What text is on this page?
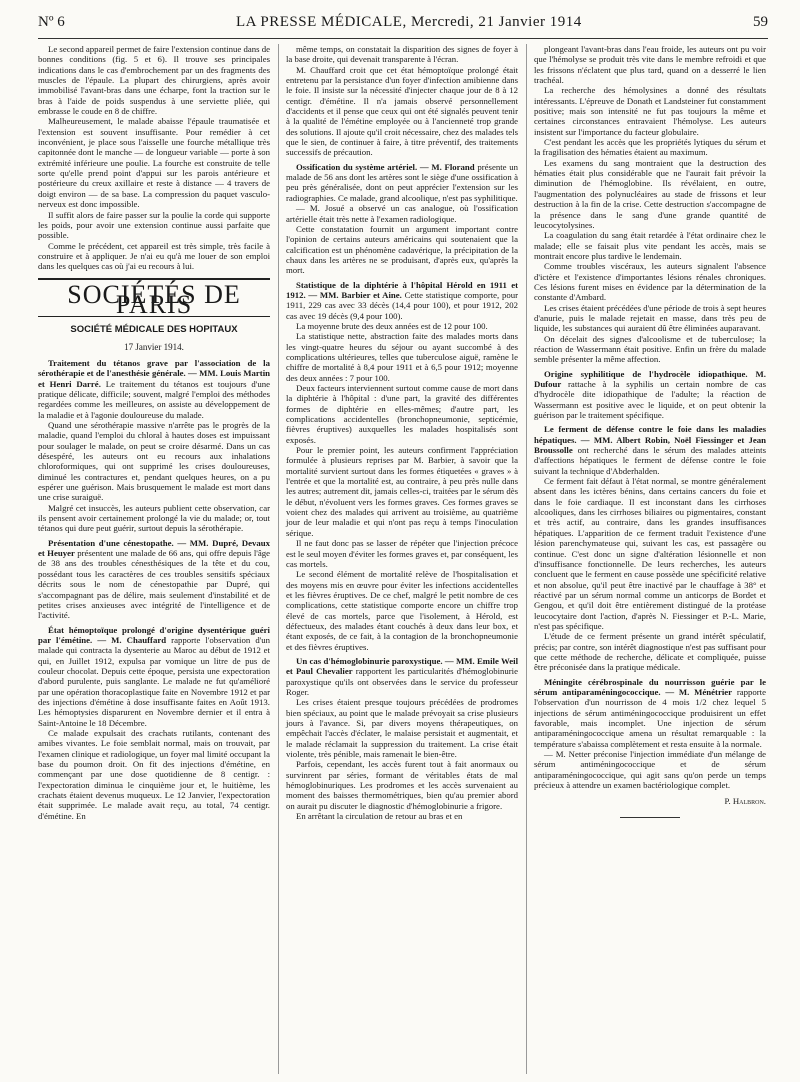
Nº 6	LA PRESSE MÉDICALE, Mercredi, 21 Janvier 1914	59

Le second appareil permet de faire l'extension continue dans de bonnes conditions (fig. 5 et 6). Il trouve ses principales indications dans le cas d'embrochement par un des fragments des muscles de l'épaule. La plupart des chirurgiens, après avoir immobilisé l'avant-bras dans une écharpe, font la traction sur le bras à l'aide de poids suspendus à une serviette pliée, qui embrasse le coude en 8 de chiffre.

Malheureusement, le malade abaisse l'épaule traumatisée et l'extension est souvent insuffisante. Pour remédier à cet inconvénient, je place sous l'aisselle une fourche métallique très capitonnée dont le manche — de longueur variable — porte à son extrémité inférieure une poulie. La fourche est construite de telle sorte qu'elle prend point d'appui sur les parois antérieure et postérieure du creux axillaire et reste à distance — 4 travers de doigt environ — de sa base. La compression du paquet vasculo-nerveux est donc impossible.

Il suffit alors de faire passer sur la poulie la corde qui supporte les poids, pour avoir une extension continue aussi parfaite que possible.

Comme le précédent, cet appareil est très simple, très facile à construire et à appliquer. Je n'ai eu qu'à me louer de son emploi dans les quelques cas où j'ai eu recours à lui.

SOCIÉTÉS DE PARIS
SOCIÉTÉ MÉDICALE DES HOPITAUX
17 Janvier 1914.

Traitement du tétanos grave par l'association de la sérothérapie et de l'anesthésie générale. — MM. Louis Martin et Henri Darré. Le traitement du tétanos est toujours d'une pratique délicate, difficile; souvent, malgré l'emploi des méthodes regardées comme les meilleures, on assiste au développement de la maladie et à l'agonie douloureuse du malade.

Quand une sérothérapie massive n'arrête pas le progrès de la maladie, quand l'emploi du chloral à hautes doses est impuissant pour soulager le malade, on peut se croire désarmé. Dans un cas désespéré, les auteurs ont eu recours aux inhalations chloroformiques, qui ont supprimé les crises douloureuses, diminué les contractures et, pendant quelques heures, on a pu espérer une guérison. Mais brusquement le malade est mort dans une crise suraiguë.

Malgré cet insuccès, les auteurs publient cette observation, car ils pensent avoir certainement prolongé la vie du malade; or, tout tétanos qui dure peut guérir, surtout depuis la sérothérapie.

Présentation d'une cénestopathe. — MM. Dupré, Devaux et Heuyer présentent une malade de 66 ans, qui offre depuis l'âge de 38 ans des troubles cénesthésiques de la tête et du cou, possédant tous les caractères de ces troubles sensitifs spéciaux décrits sous le nom de cénestopathie par Dupré, qui s'accompagnant pas de délire, mais seulement d'instabilité et de petites crises anxieuses avec intégrité de l'intelligence et de l'activité.

État hémoptoïque prolongé d'origine dysentérique guéri par l'émétine. — M. Chauffard rapporte l'observation d'un malade qui contracta la dysenterie au Maroc au début de 1912 et qui, en Juillet 1912, expulsa par vomique un litre de pus de couleur chocolat. Depuis cette époque, persista une expectoration d'abord purulente, puis sanglante. Le malade ne fut qu'amélioré par une opération thoracoplastique faite en Novembre 1912 et par des injections d'émétine à dose insuffisante faites en Août 1913. Les hémoptysies disparurent en Novembre dernier et il entra à Saint-Antoine le 18 Décembre.

Ce malade expulsait des crachats rutilants, contenant des amibes vivantes. Le foie semblait normal, mais on trouvait, par l'examen clinique et radiologique, un foyer mal limité occupant la base du poumon droit. On fit des injections d'émétine, en commençant par une dose quotidienne de 8 centigr. : l'expectoration diminua le cinquième jour et, le huitième, les crachats étaient devenus muqueux. Le 12 Janvier, l'expectoration était supprimée. Le malade avait reçu, au total, 74 centigr. d'émétine. En

même temps, on constatait la disparition des signes de foyer à la base droite, qui devenait transparente à l'écran.

M. Chauffard croit que cet état hémoptoïque prolongé était entretenu par la persistance d'un foyer d'infection amibienne dans le foie. Il insiste sur la nécessité d'injecter chaque jour de 8 à 12 centigr. d'émétine. Il n'a jamais observé personnellement d'accidents et il pense que ceux qui ont été signalés peuvent tenir à la qualité de l'émétine employée ou à l'ancienneté trop grande des solutions. Il ajoute qu'il croit nécessaire, chez des malades tels que le sien, de continuer à faire, à titre préventif, des traitements successifs de précaution.

Ossification du système artériel. — M. Florand présente un malade de 56 ans dont les artères sont le siège d'une ossification à peu près généralisée, dont on peut apprécier l'extension sur les radiographies. Ce malade, grand alcoolique, n'est pas syphilitique.

— M. Josué a observé un cas analogue, où l'ossification artérielle était très nette à l'examen radiologique.

Cette constatation fournit un argument important contre l'opinion de certains auteurs américains qui soutenaient que la calcification est un phénomène cadavérique, la précipitation de la chaux dans les artères ne se produisant, d'après eux, qu'après la mort.

Statistique de la diphtérie à l'hôpital Hérold en 1911 et 1912. — MM. Barbier et Aine. Cette statistique comporte, pour 1911, 229 cas avec 33 décès (14,4 pour 100), et pour 1912, 202 cas avec 19 décès (9,4 pour 100).

La moyenne brute des deux années est de 12 pour 100.

La statistique nette, abstraction faite des malades morts dans les vingt-quatre heures du séjour ou ayant succombé à des complications ultérieures, telles que tuberculose aiguë, ramène le chiffre de mortalité à 8,4 pour 1911 et à 6,5 pour 1912; moyenne des deux années : 7 pour 100.

Deux facteurs interviennent surtout comme cause de mort dans la diphtérie à l'hôpital : d'une part, la gravité des différentes formes de diphtérie en elles-mêmes; d'autre part, les complications accidentelles (bronchopneumonie, septicémie, fièvres éruptives) auxquelles les malades hospitalisés sont exposés.

Pour le premier point, les auteurs confirment l'appréciation formulée à plusieurs reprises par M. Barbier, à savoir que la mortalité survient surtout dans les formes étiquetées « graves » à l'entrée et que la mortalité est, au contraire, à peu près nulle dans les autres; autrement dit, jamais celles-ci, traitées par le sérum dès le début, n'évoluent vers les formes graves. Ces formes graves se voient chez des malades qui arrivent au troisième, au quatrième jour de leur maladie et qui n'ont pas reçu à temps l'inoculation sérique.

Il ne faut donc pas se lasser de répéter que l'injection précoce est le seul moyen d'éviter les formes graves et, par conséquent, les cas mortels.

Le second élément de mortalité relève de l'hospitalisation et des moyens mis en œuvre pour éviter les infections accidentelles et les fièvres éruptives. De ce chef, malgré le petit nombre de ces complications, cette statistique comporte encore un chiffre trop élevé de cas mortels, parce que l'isolement, à Hérold, est défectueux, des malades étant couchés à deux dans leur box, et étant exposés, de ce fait, à la contagion de la bronchopneumonie et des fièvres éruptives.

Un cas d'hémoglobinurie paroxystique. — MM. Emile Weil et Paul Chevalier rapportent les particularités d'hémoglobinurie paroxystique qu'ils ont observées dans le service du professeur Roger.

Les crises étaient presque toujours précédées de prodromes bien spéciaux, au point que le malade prévoyait sa crise plusieurs jours à l'avance. Si, par divers moyens thérapeutiques, on empêchait l'accès d'éclater, le malaise persistait et augmentait, et le malade réclamait la suppression du traitement. La crise était violente, très pénible, mais ramenait le bien-être.

Parfois, cependant, les accès furent tout à fait anormaux ou survinrent par séries, formant de véritables états de mal hémoglobinuriques. Les prodromes et les accès survenaient au moment des baisses thermométriques, bien qu'au premier abord on aurait pu discuter le diagnostic d'hémoglobinurie a frigore.

En arrêtant la circulation de retour au bras et en

plongeant l'avant-bras dans l'eau froide, les auteurs ont pu voir que l'hémolyse se produit très vite dans le membre refroidi et que les frissons n'éclatent que plus tard, quand on a desserré le lien trachéal.

La recherche des hémolysines a donné des résultats intéressants. L'épreuve de Donath et Landsteiner fut constamment positive; mais son intensité ne fut pas toujours la même et certaines circonstances entravaient l'hémolyse. Les auteurs insistent sur l'importance du facteur globulaire.

C'est pendant les accès que les propriétés lytiques du sérum et la fragilisation des hématies étaient au maximum.

Les examens du sang montraient que la destruction des hématies était plus considérable que ne l'aurait fait prévoir la diminution de l'hémoglobine. Ils révélaient, en outre, l'augmentation des polynucléaires au stade de frissons et leur destruction à la fin de la crise. Cette destruction s'accompagne de la présence dans le sang d'une grande quantité de leucocytolysines.

La coagulation du sang était retardée à l'état ordinaire chez le malade; elle se faisait plus vite pendant les accès, mais se montrait encore plus tardive le lendemain.

Comme troubles viscéraux, les auteurs signalent l'absence d'ictère et l'existence d'importantes lésions rénales chroniques. Ces lésions furent mises en évidence par la détermination de la constante d'Ambard.

Les crises étaient précédées d'une période de trois à sept heures d'anurie, puis le malade rejetait en masse, dans très peu de liquide, les substances qui auraient dû être éliminées auparavant.

On décelait des signes d'alcoolisme et de tuberculose; la réaction de Wassermann était positive. Enfin un frère du malade semble présenter la même affection.

Origine syphilitique de l'hydrocèle idiopathique. M. Dufour rattache à la syphilis un certain nombre de cas d'hydrocèle dite idiopathique de l'adulte; la réaction de Wassermann est positive avec le liquide, et on peut obtenir la guérison par le traitement spécifique.

Le ferment de défense contre le foie dans les maladies hépatiques. — MM. Albert Robin, Noël Fiessinger et Jean Broussolle ont recherché dans le sérum des malades atteints d'affections hépatiques le ferment de défense contre le foie suivant la technique d'Abderhalden.

Ce ferment fait défaut à l'état normal, se montre généralement absent dans les ictères bénins, dans certains cancers du foie et dans le foie cardiaque. Il est inconstant dans les cirrhoses alcooliques, dans les cirrhoses biliaires ou pigmentaires, constant et très actif, au contraire, dans les grandes insuffisances hépatiques. L'apparition de ce ferment traduit l'existence d'une lésion parenchymateuse qui, suivant les cas, est passagère ou continue. C'est donc un signe d'altération lésionnelle et non d'insuffisance fonctionnelle. De leurs recherches, les auteurs concluent que le ferment en cause possède une spécificité relative et non absolue, qu'il peut être inactivé par le chauffage à 38° et réactivé par un sérum normal comme un anticorps de Bordet et Gengou, et qu'il doit être entièrement distingué de la protéase leucocytaire dont l'action, d'après N. Fiessinger et P.-L. Marie, n'est pas spécifique.

L'étude de ce ferment présente un grand intérêt spéculatif, précis; par contre, son intérêt diagnostique n'est pas suffisant pour que cette méthode de recherche, délicate et compliquée, puisse être préconisée dans la pratique médicale.

Méningite cérébrospinale du nourrisson guérie par le sérum antiparaméningococcique. — M. Ménétrier rapporte l'observation d'un nourrisson de 4 mois 1/2 chez lequel 5 injections de sérum antiméningococcique produisirent un effet favorable, mais incomplet. Une injection de sérum antiparaméningococcique amena un résultat remarquable : la température s'abaissa complètement et resta ensuite à la normale.

— M. Netter préconise l'injection immédiate d'un mélange de sérum antiméningococcique et de sérum antiparaméningococcique, qui agit sans qu'on perde un temps précieux à attendre un examen bactériologique complet.

P. Halbron.
